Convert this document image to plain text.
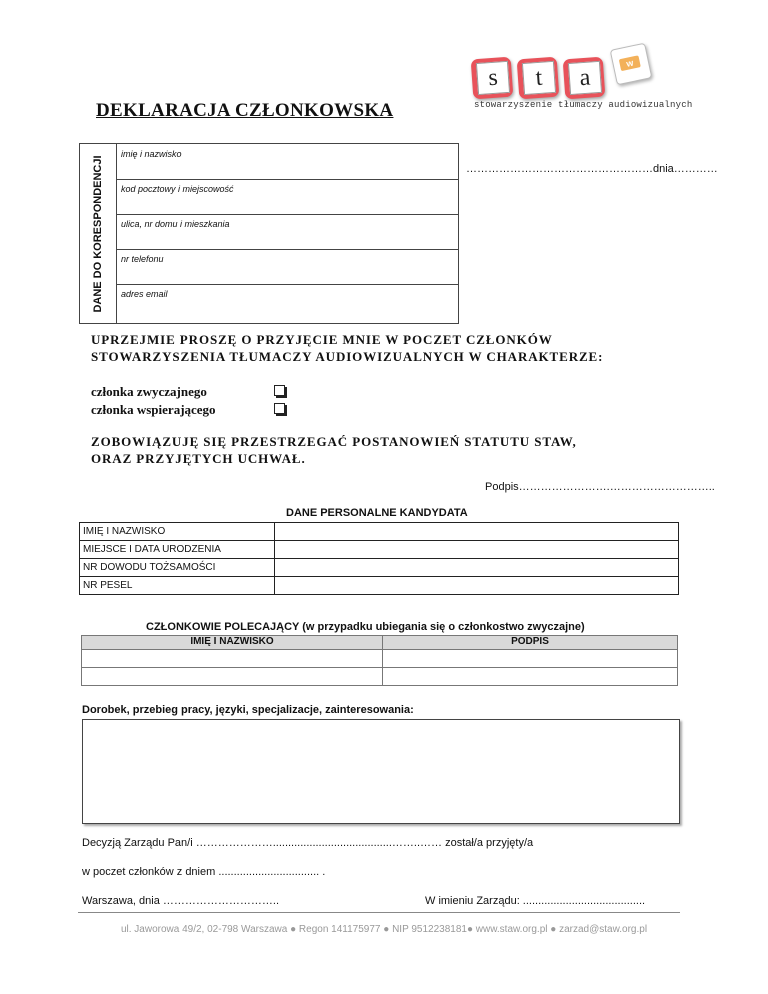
s	t	a
w
stowarzyszenie tłumaczy audiowizualnych
DEKLARACJA CZŁONKOWSKA
DANE DO KORESPONDENCJI
imię i nazwisko
kod pocztowy i miejscowość
ulica, nr domu i mieszkania
nr telefonu
adres email
……………………………………………dnia…………
UPRZEJMIE PROSZĘ O PRZYJĘCIE MNIE W POCZET CZŁONKÓW
STOWARZYSZENIA TŁUMACZY AUDIOWIZUALNYCH W CHARAKTERZE:
członka zwyczajnego
członka wspierającego
ZOBOWIĄZUJĘ SIĘ PRZESTRZEGAĆ POSTANOWIEŃ STATUTU STAW,
ORAZ PRZYJĘTYCH UCHWAŁ.
Podpis…………………….………………………..
DANE PERSONALNE KANDYDATA
IMIĘ I NAZWISKO	
MIEJSCE I DATA URODZENIA	
NR DOWODU TOŻSAMOŚCI	
NR PESEL	
CZŁONKOWIE POLECAJĄCY (w przypadku ubiegania się o członkostwo zwyczajne)
IMIĘ I NAZWISKO	PODPIS

Dorobek, przebieg pracy, języki, specjalizacje, zainteresowania:
Decyzją Zarządu Pan/i ………………….......................................……..…… został/a przyjęty/a
w poczet członków z dniem ................................. .
Warszawa, dnia …………………………..	W imieniu Zarządu: ........................................
ul. Jaworowa 49/2, 02-798 Warszawa ● Regon 141175977 ● NIP 9512238181● www.staw.org.pl ● zarzad@staw.org.pl
